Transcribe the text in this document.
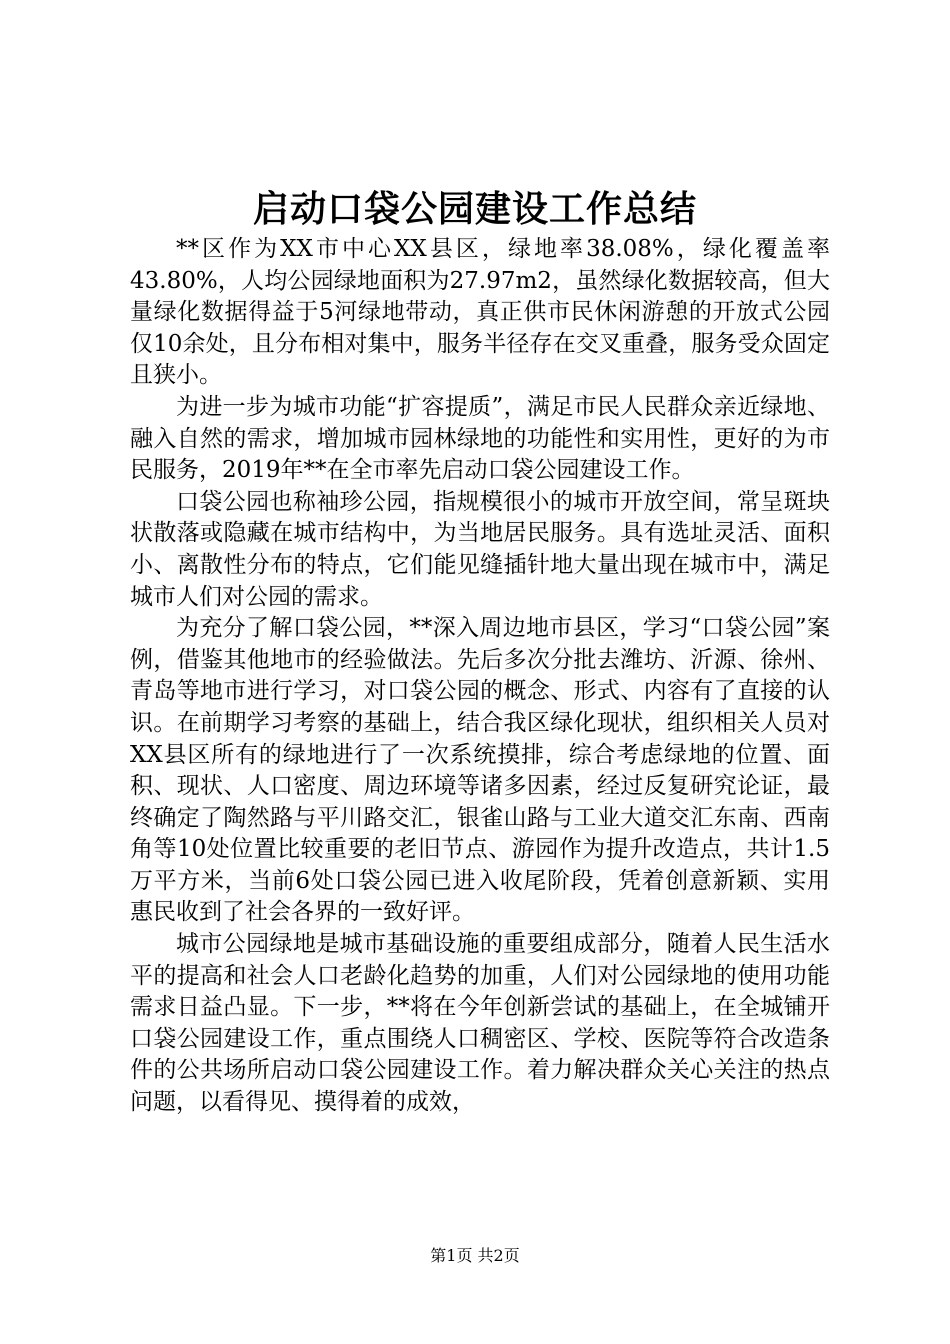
启动口袋公园建设工作总结

**区作为XX市中心XX县区，绿地率38.08%，绿化覆盖率43.80%，人均公园绿地面积为27.97m2，虽然绿化数据较高，但大量绿化数据得益于5河绿地带动，真正供市民休闲游憩的开放式公园仅10余处，且分布相对集中，服务半径存在交叉重叠，服务受众固定且狭小。

为进一步为城市功能“扩容提质”，满足市民人民群众亲近绿地、融入自然的需求，增加城市园林绿地的功能性和实用性，更好的为市民服务，2019年**在全市率先启动口袋公园建设工作。

口袋公园也称袖珍公园，指规模很小的城市开放空间，常呈斑块状散落或隐藏在城市结构中，为当地居民服务。具有选址灵活、面积小、离散性分布的特点，它们能见缝插针地大量出现在城市中，满足城市人们对公园的需求。

为充分了解口袋公园，**深入周边地市县区，学习“口袋公园”案例，借鉴其他地市的经验做法。先后多次分批去潍坊、沂源、徐州、青岛等地市进行学习，对口袋公园的概念、形式、内容有了直接的认识。在前期学习考察的基础上，结合我区绿化现状，组织相关人员对XX县区所有的绿地进行了一次系统摸排，综合考虑绿地的位置、面积、现状、人口密度、周边环境等诸多因素，经过反复研究论证，最终确定了陶然路与平川路交汇，银雀山路与工业大道交汇东南、西南角等10处位置比较重要的老旧节点、游园作为提升改造点，共计1.5万平方米，当前6处口袋公园已进入收尾阶段，凭着创意新颖、实用惠民收到了社会各界的一致好评。

城市公园绿地是城市基础设施的重要组成部分，随着人民生活水平的提高和社会人口老龄化趋势的加重，人们对公园绿地的使用功能需求日益凸显。下一步，**将在今年创新尝试的基础上，在全城铺开口袋公园建设工作，重点围绕人口稠密区、学校、医院等符合改造条件的公共场所启动口袋公园建设工作。着力解决群众关心关注的热点问题，以看得见、摸得着的成效，

第1页 共2页
